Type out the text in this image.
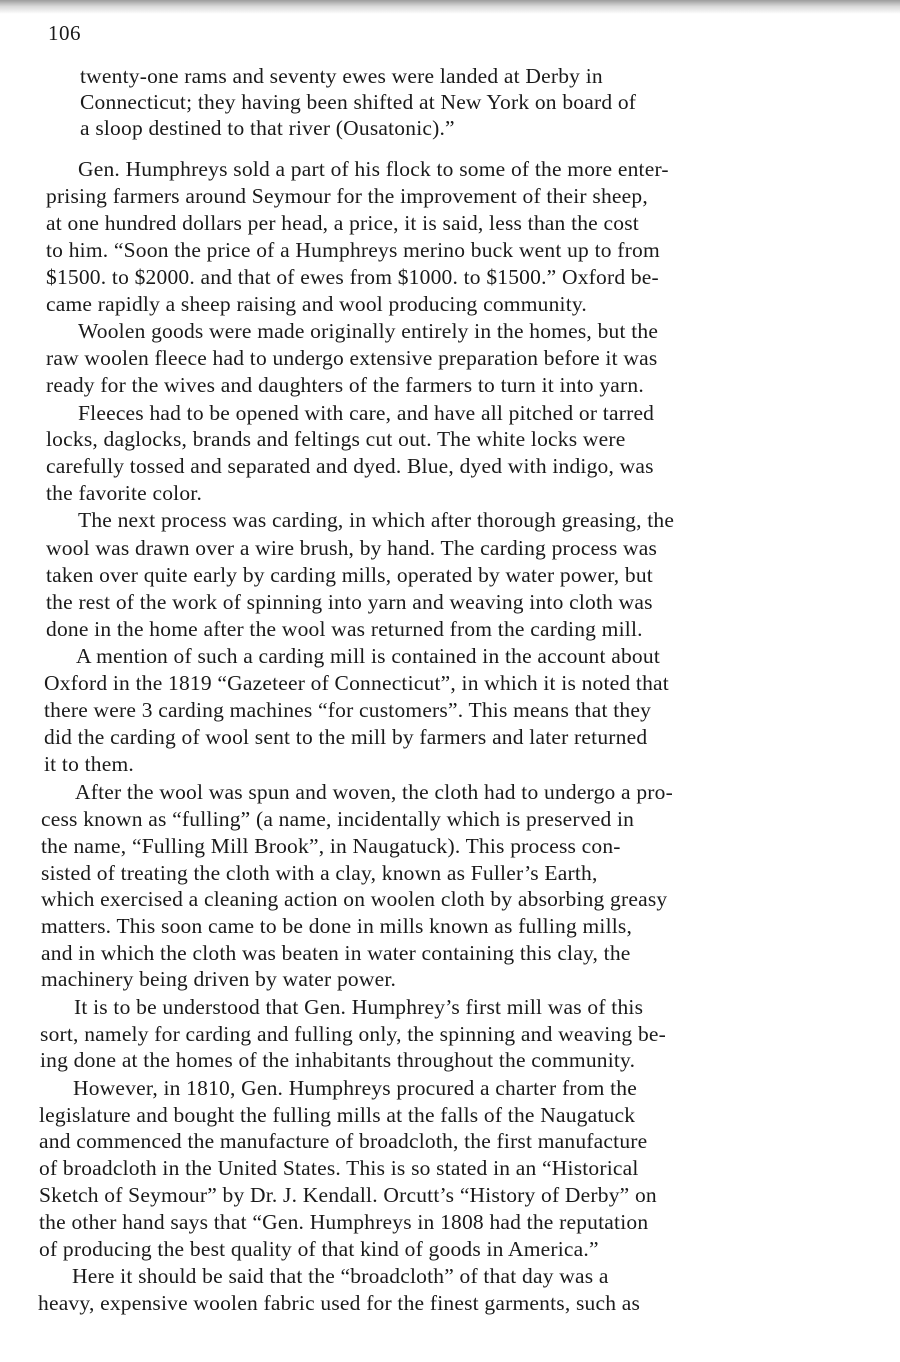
106
twenty-one rams and seventy ewes were landed at Derby in
Connecticut; they having been shifted at New York on board of
a sloop destined to that river (Ousatonic).”
Gen. Humphreys sold a part of his flock to some of the more enter-
prising farmers around Seymour for the improvement of their sheep,
at one hundred dollars per head, a price, it is said, less than the cost
to him. “Soon the price of a Humphreys merino buck went up to from
$1500. to $2000. and that of ewes from $1000. to $1500.” Oxford be-
came rapidly a sheep raising and wool producing community.
Woolen goods were made originally entirely in the homes, but the
raw woolen fleece had to undergo extensive preparation before it was
ready for the wives and daughters of the farmers to turn it into yarn.
Fleeces had to be opened with care, and have all pitched or tarred
locks, daglocks, brands and feltings cut out. The white locks were
carefully tossed and separated and dyed. Blue, dyed with indigo, was
the favorite color.
The next process was carding, in which after thorough greasing, the
wool was drawn over a wire brush, by hand. The carding process was
taken over quite early by carding mills, operated by water power, but
the rest of the work of spinning into yarn and weaving into cloth was
done in the home after the wool was returned from the carding mill.
A mention of such a carding mill is contained in the account about
Oxford in the 1819 “Gazeteer of Connecticut”, in which it is noted that
there were 3 carding machines “for customers”. This means that they
did the carding of wool sent to the mill by farmers and later returned
it to them.
After the wool was spun and woven, the cloth had to undergo a pro-
cess known as “fulling” (a name, incidentally which is preserved in
the name, “Fulling Mill Brook”, in Naugatuck). This process con-
sisted of treating the cloth with a clay, known as Fuller’s Earth,
which exercised a cleaning action on woolen cloth by absorbing greasy
matters. This soon came to be done in mills known as fulling mills,
and in which the cloth was beaten in water containing this clay, the
machinery being driven by water power.
It is to be understood that Gen. Humphrey’s first mill was of this
sort, namely for carding and fulling only, the spinning and weaving be-
ing done at the homes of the inhabitants throughout the community.
However, in 1810, Gen. Humphreys procured a charter from the
legislature and bought the fulling mills at the falls of the Naugatuck
and commenced the manufacture of broadcloth, the first manufacture
of broadcloth in the United States. This is so stated in an “Historical
Sketch of Seymour” by Dr. J. Kendall. Orcutt’s “History of Derby” on
the other hand says that “Gen. Humphreys in 1808 had the reputation
of producing the best quality of that kind of goods in America.”
Here it should be said that the “broadcloth” of that day was a
heavy, expensive woolen fabric used for the finest garments, such as
